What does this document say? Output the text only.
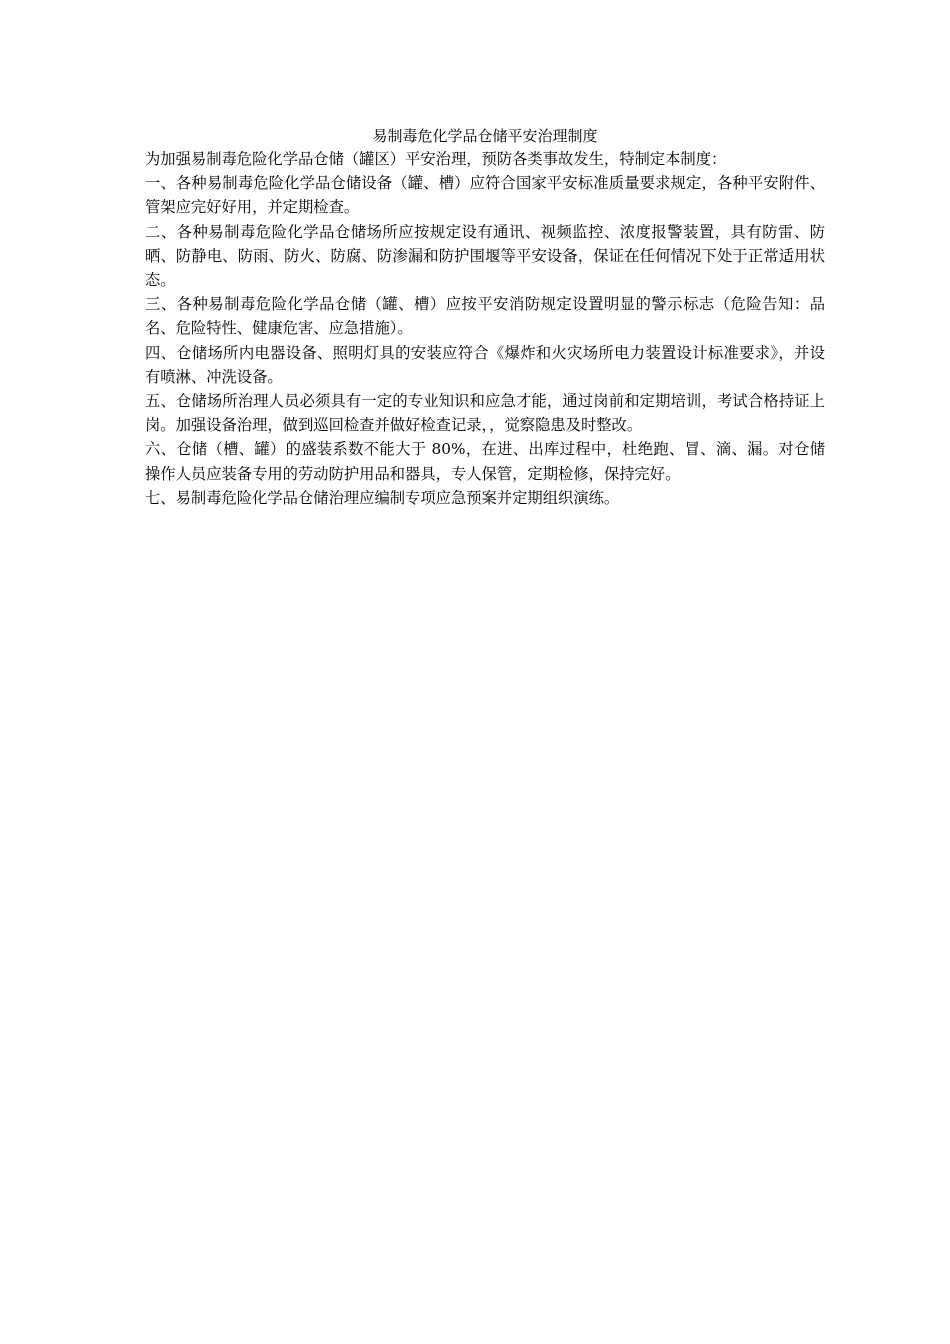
易制毒危化学品仓储平安治理制度

为加强易制毒危险化学品仓储（罐区）平安治理，预防各类事故发生，特制定本制度：

一、各种易制毒危险化学品仓储设备（罐、槽）应符合国家平安标准质量要求规定，各种平安附件、管架应完好好用，并定期检查。

二、各种易制毒危险化学品仓储场所应按规定设有通讯、视频监控、浓度报警装置，具有防雷、防晒、防静电、防雨、防火、防腐、防渗漏和防护围堰等平安设备，保证在任何情况下处于正常适用状态。

三、各种易制毒危险化学品仓储（罐、槽）应按平安消防规定设置明显的警示标志（危险告知：品名、危险特性、健康危害、应急措施）。

四、仓储场所内电器设备、照明灯具的安装应符合《爆炸和火灾场所电力装置设计标准要求》，并设有喷淋、冲洗设备。

五、仓储场所治理人员必须具有一定的专业知识和应急才能，通过岗前和定期培训，考试合格持证上岗。加强设备治理，做到巡回检查并做好检查记录，，觉察隐患及时整改。

六、仓储（槽、罐）的盛装系数不能大于 80%，在进、出库过程中，杜绝跑、冒、滴、漏。对仓储操作人员应装备专用的劳动防护用品和器具，专人保管，定期检修，保持完好。

七、易制毒危险化学品仓储治理应编制专项应急预案并定期组织演练。
